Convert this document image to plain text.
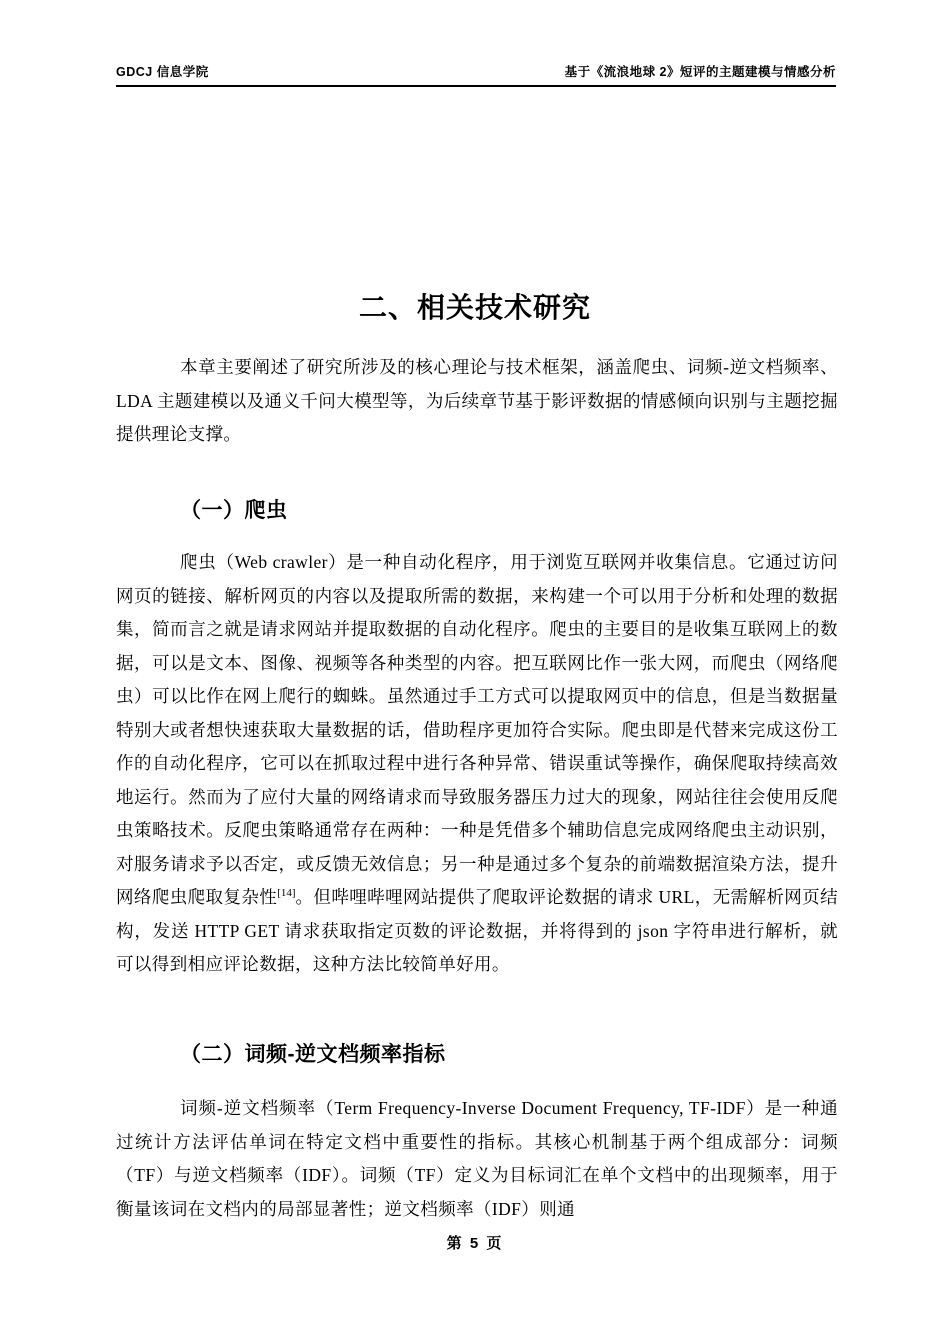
GDCJ 信息学院	基于《流浪地球 2》短评的主题建模与情感分析
二、相关技术研究

本章主要阐述了研究所涉及的核心理论与技术框架，涵盖爬虫、词频-逆文档频率、LDA 主题建模以及通义千问大模型等，为后续章节基于影评数据的情感倾向识别与主题挖掘提供理论支撑。

（一）爬虫

爬虫（Web crawler）是一种自动化程序，用于浏览互联网并收集信息。它通过访问网页的链接、解析网页的内容以及提取所需的数据，来构建一个可以用于分析和处理的数据集，简而言之就是请求网站并提取数据的自动化程序。爬虫的主要目的是收集互联网上的数据，可以是文本、图像、视频等各种类型的内容。把互联网比作一张大网，而爬虫（网络爬虫）可以比作在网上爬行的蜘蛛。虽然通过手工方式可以提取网页中的信息，但是当数据量特别大或者想快速获取大量数据的话，借助程序更加符合实际。爬虫即是代替来完成这份工作的自动化程序，它可以在抓取过程中进行各种异常、错误重试等操作，确保爬取持续高效地运行。然而为了应付大量的网络请求而导致服务器压力过大的现象，网站往往会使用反爬虫策略技术。反爬虫策略通常存在两种：一种是凭借多个辅助信息完成网络爬虫主动识别，对服务请求予以否定，或反馈无效信息；另一种是通过多个复杂的前端数据渲染方法，提升网络爬虫爬取复杂性[14]。但哔哩哔哩网站提供了爬取评论数据的请求 URL，无需解析网页结构，发送 HTTP GET 请求获取指定页数的评论数据，并将得到的 json 字符串进行解析，就可以得到相应评论数据，这种方法比较简单好用。

（二）词频-逆文档频率指标

词频-逆文档频率（Term Frequency-Inverse Document Frequency, TF-IDF）是一种通过统计方法评估单词在特定文档中重要性的指标。其核心机制基于两个组成部分：词频（TF）与逆文档频率（IDF）。词频（TF）定义为目标词汇在单个文档中的出现频率，用于衡量该词在文档内的局部显著性；逆文档频率（IDF）则通

第 5 页
